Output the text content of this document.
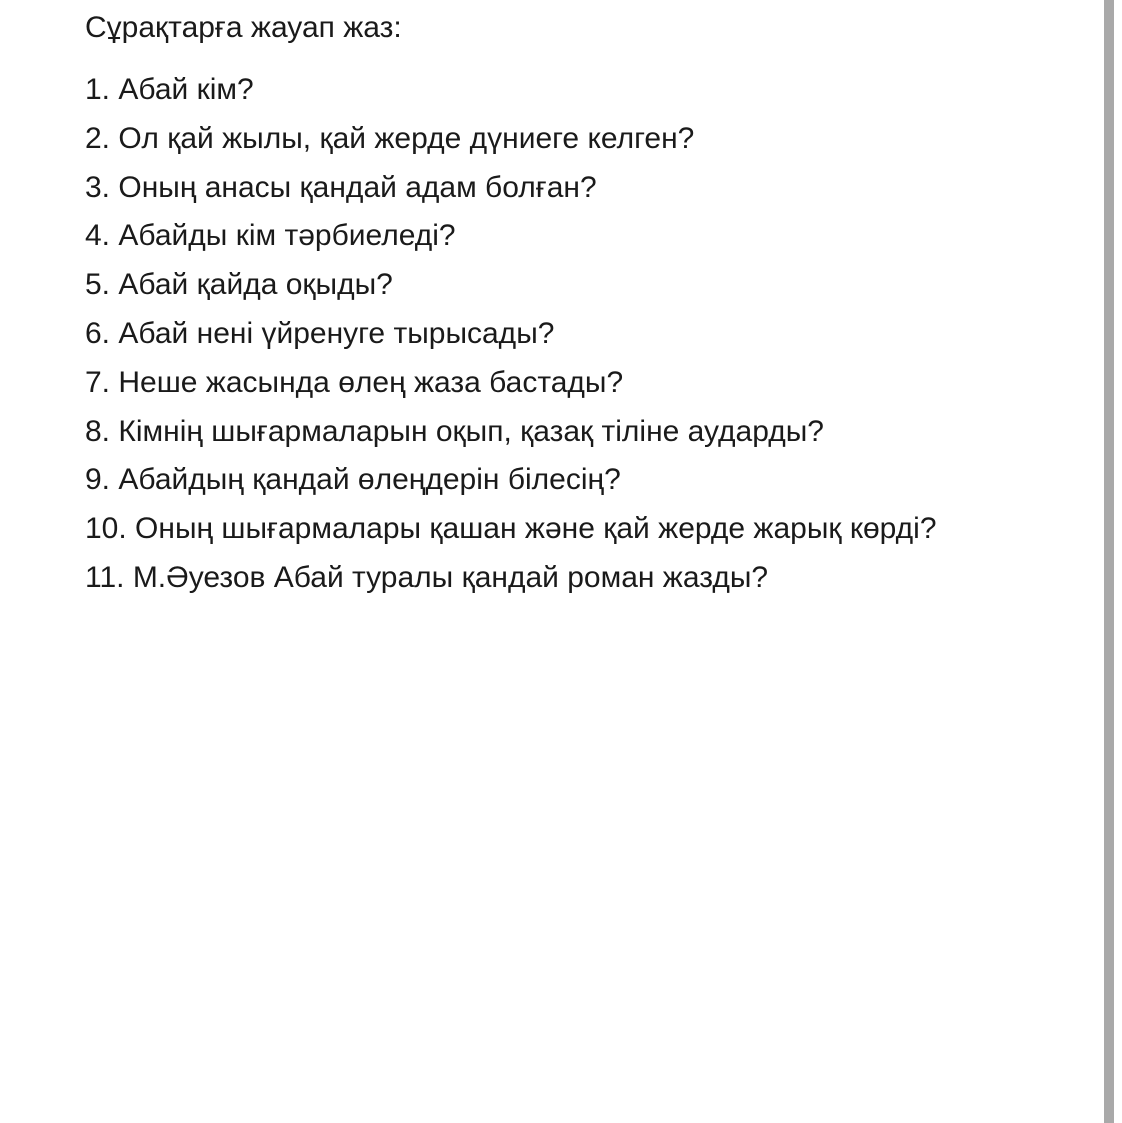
Сұрақтарға жауап жаз:
1. Абай кім?
2. Ол қай жылы, қай жерде дүниеге келген?
3. Оның анасы қандай адам болған?
4. Абайды кім тәрбиеледі?
5. Абай қайда оқыды?
6. Абай нені үйренуге тырысады?
7. Неше жасында өлең жаза бастады?
8. Кімнің шығармаларын оқып, қазақ тіліне аударды?
9. Абайдың қандай өлеңдерін білесің?
10. Оның шығармалары қашан және қай жерде жарық көрді?
11. М.Әуезов Абай туралы қандай роман жазды?
